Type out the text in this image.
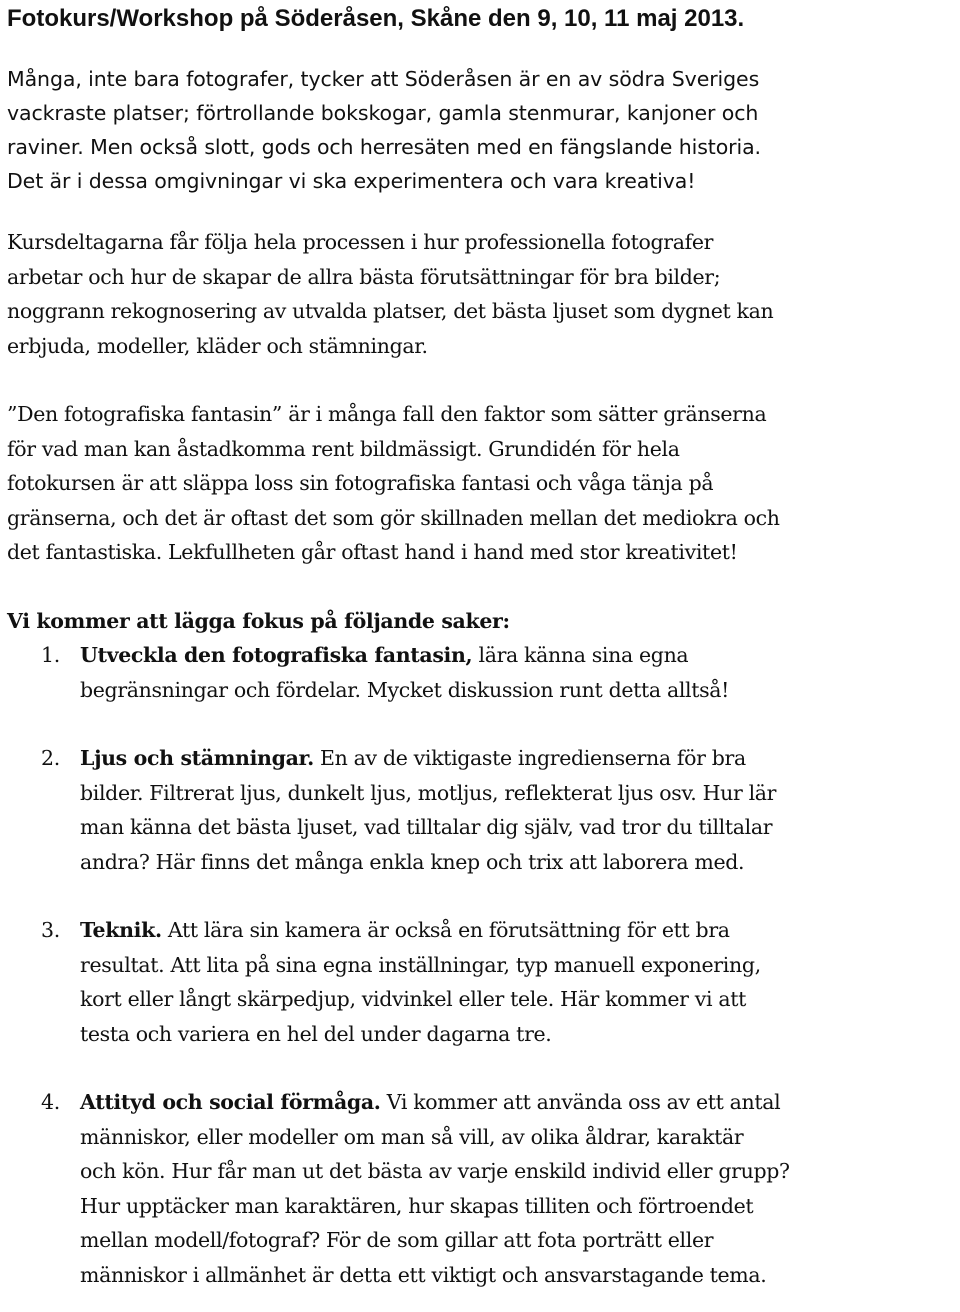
Fotokurs/Workshop på Söderåsen, Skåne den 9, 10, 11 maj 2013.

Många, inte bara fotografer, tycker att Söderåsen är en av södra Sveriges
vackraste platser; förtrollande bokskogar, gamla stenmurar, kanjoner och
raviner. Men också slott, gods och herresäten med en fängslande historia.
Det är i dessa omgivningar vi ska experimentera och vara kreativa!

Kursdeltagarna får följa hela processen i hur professionella fotografer
arbetar och hur de skapar de allra bästa förutsättningar för bra bilder;
noggrann rekognosering av utvalda platser, det bästa ljuset som dygnet kan
erbjuda, modeller, kläder och stämningar.

”Den fotografiska fantasin” är i många fall den faktor som sätter gränserna
för vad man kan åstadkomma rent bildmässigt. Grundidén för hela
fotokursen är att släppa loss sin fotografiska fantasi och våga tänja på
gränserna, och det är oftast det som gör skillnaden mellan det mediokra och
det fantastiska. Lekfullheten går oftast hand i hand med stor kreativitet!

Vi kommer att lägga fokus på följande saker:
1. Utveckla den fotografiska fantasin, lära känna sina egna
begränsningar och fördelar. Mycket diskussion runt detta alltså!
2. Ljus och stämningar. En av de viktigaste ingredienserna för bra
bilder. Filtrerat ljus, dunkelt ljus, motljus, reflekterat ljus osv. Hur lär
man känna det bästa ljuset, vad tilltalar dig själv, vad tror du tilltalar
andra? Här finns det många enkla knep och trix att laborera med.
3. Teknik. Att lära sin kamera är också en förutsättning för ett bra
resultat. Att lita på sina egna inställningar, typ manuell exponering,
kort eller långt skärpedjup, vidvinkel eller tele. Här kommer vi att
testa och variera en hel del under dagarna tre.
4. Attityd och social förmåga. Vi kommer att använda oss av ett antal
människor, eller modeller om man så vill, av olika åldrar, karaktär
och kön. Hur får man ut det bästa av varje enskild individ eller grupp?
Hur upptäcker man karaktären, hur skapas tilliten och förtroendet
mellan modell/fotograf? För de som gillar att fota porträtt eller
människor i allmänhet är detta ett viktigt och ansvarstagande tema.
